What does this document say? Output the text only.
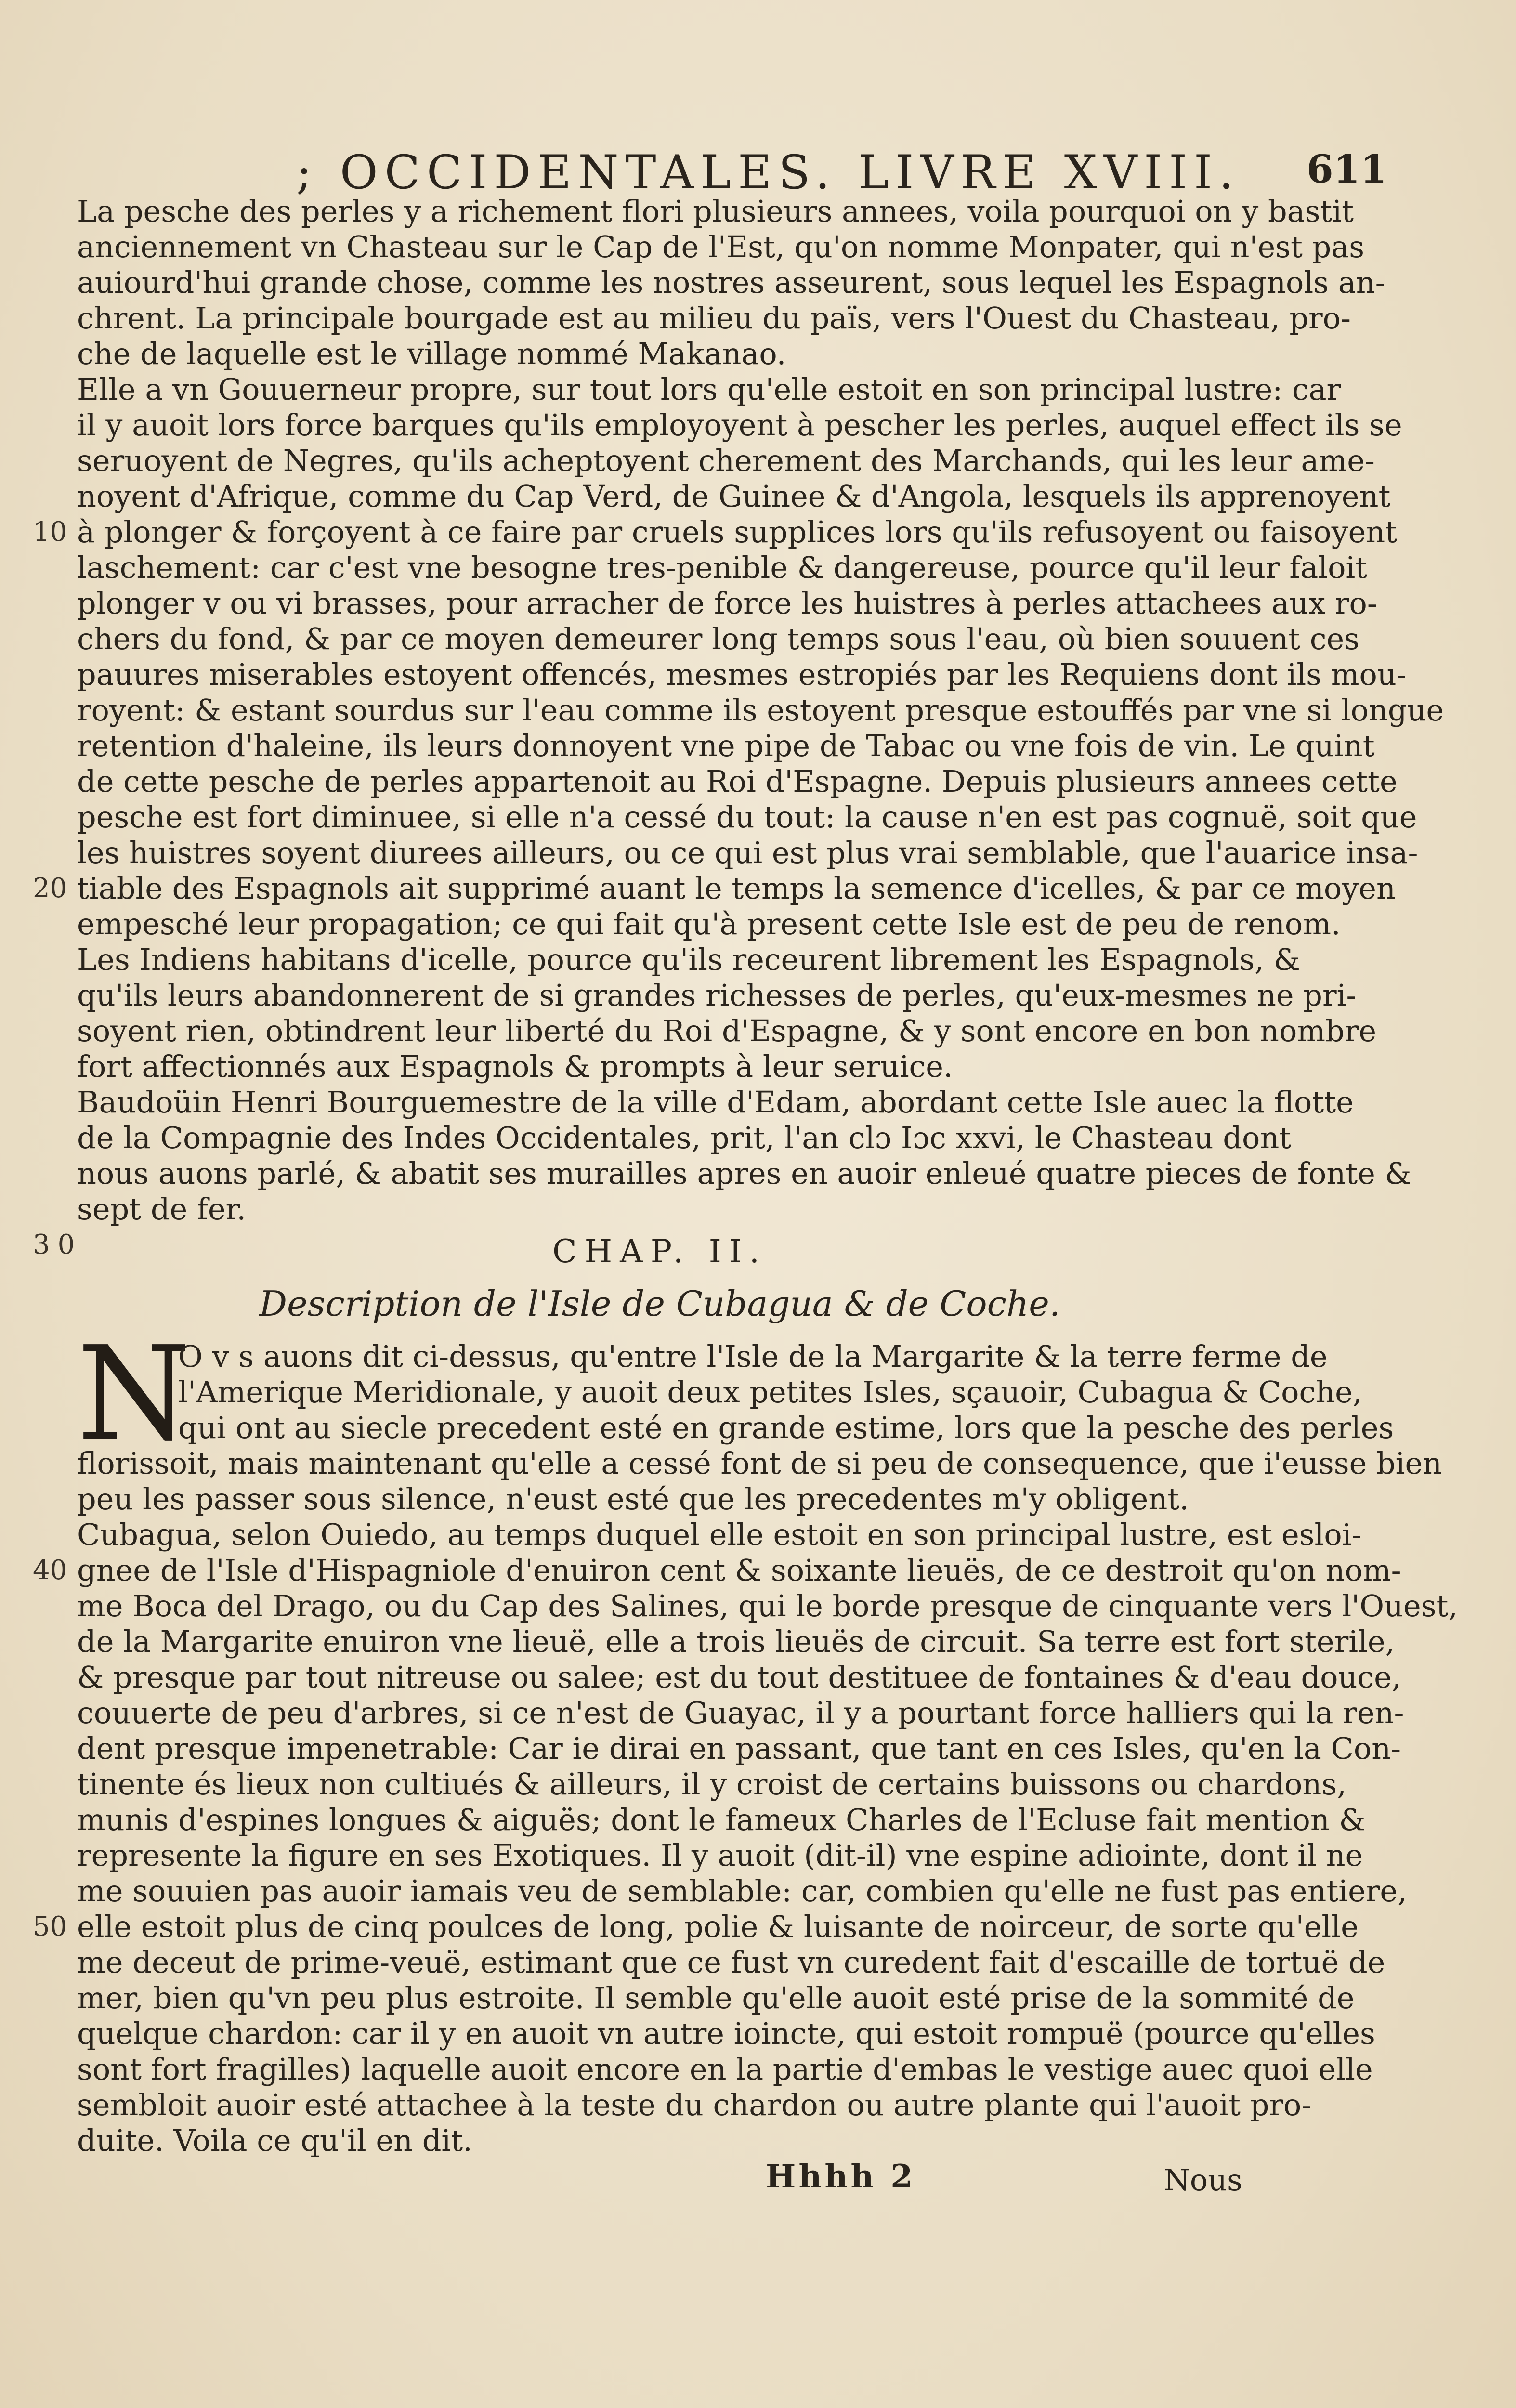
; OCCIDENTALES. LIVRE XVIII. 611
La pesche des perles y a richement flori plusieurs annees, voila pourquoi on y bastit
anciennement vn Chasteau sur le Cap de l'Est, qu'on nomme Monpater, qui n'est pas
auiourd'hui grande chose, comme les nostres asseurent, sous lequel les Espagnols an-
chrent. La principale bourgade est au milieu du païs, vers l'Ouest du Chasteau, pro-
che de laquelle est le village nommé Makanao.
Elle a vn Gouuerneur propre, sur tout lors qu'elle estoit en son principal lustre: car
il y auoit lors force barques qu'ils employoyent à pescher les perles, auquel effect ils se
seruoyent de Negres, qu'ils acheptoyent cherement des Marchands, qui les leur ame-
noyent d'Afrique, comme du Cap Verd, de Guinee & d'Angola, lesquels ils apprenoyent
10 à plonger & forçoyent à ce faire par cruels supplices lors qu'ils refusoyent ou faisoyent
laschement: car c'est vne besogne tres-penible & dangereuse, pource qu'il leur faloit
plonger v ou vi brasses, pour arracher de force les huistres à perles attachees aux ro-
chers du fond, & par ce moyen demeurer long temps sous l'eau, où bien souuent ces
pauures miserables estoyent offencés, mesmes estropiés par les Requiens dont ils mou-
royent: & estant sourdus sur l'eau comme ils estoyent presque estouffés par vne si longue
retention d'haleine, ils leurs donnoyent vne pipe de Tabac ou vne fois de vin. Le quint
de cette pesche de perles appartenoit au Roi d'Espagne. Depuis plusieurs annees cette
pesche est fort diminuee, si elle n'a cessé du tout: la cause n'en est pas cognuë, soit que
les huistres soyent diurees ailleurs, ou ce qui est plus vrai semblable, que l'auarice insa-
20 tiable des Espagnols ait supprimé auant le temps la semence d'icelles, & par ce moyen
empesché leur propagation; ce qui fait qu'à present cette Isle est de peu de renom.
Les Indiens habitans d'icelle, pource qu'ils receurent librement les Espagnols, &
qu'ils leurs abandonnerent de si grandes richesses de perles, qu'eux-mesmes ne pri-
soyent rien, obtindrent leur liberté du Roi d'Espagne, & y sont encore en bon nombre
fort affectionnés aux Espagnols & prompts à leur seruice.
Baudoüin Henri Bourguemestre de la ville d'Edam, abordant cette Isle auec la flotte
de la Compagnie des Indes Occidentales, prit, l'an clɔ Iɔc xxvi, le Chasteau dont
nous auons parlé, & abatit ses murailles apres en auoir enleué quatre pieces de fonte &
sept de fer.
30	CHAP. II.
Description de l'Isle de Cubagua & de Coche.
N
O v s auons dit ci-dessus, qu'entre l'Isle de la Margarite & la terre ferme de
l'Amerique Meridionale, y auoit deux petites Isles, sçauoir, Cubagua & Coche,
qui ont au siecle precedent esté en grande estime, lors que la pesche des perles
florissoit, mais maintenant qu'elle a cessé font de si peu de consequence, que i'eusse bien
peu les passer sous silence, n'eust esté que les precedentes m'y obligent.
Cubagua, selon Ouiedo, au temps duquel elle estoit en son principal lustre, est esloi-
40 gnee de l'Isle d'Hispagniole d'enuiron cent & soixante lieuës, de ce destroit qu'on nom-
me Boca del Drago, ou du Cap des Salines, qui le borde presque de cinquante vers l'Ouest,
de la Margarite enuiron vne lieuë, elle a trois lieuës de circuit. Sa terre est fort sterile,
& presque par tout nitreuse ou salee; est du tout destituee de fontaines & d'eau douce,
couuerte de peu d'arbres, si ce n'est de Guayac, il y a pourtant force halliers qui la ren-
dent presque impenetrable: Car ie dirai en passant, que tant en ces Isles, qu'en la Con-
tinente és lieux non cultiués & ailleurs, il y croist de certains buissons ou chardons,
munis d'espines longues & aiguës; dont le fameux Charles de l'Ecluse fait mention &
represente la figure en ses Exotiques. Il y auoit (dit-il) vne espine adiointe, dont il ne
me souuien pas auoir iamais veu de semblable: car, combien qu'elle ne fust pas entiere,
50 elle estoit plus de cinq poulces de long, polie & luisante de noirceur, de sorte qu'elle
me deceut de prime-veuë, estimant que ce fust vn curedent fait d'escaille de tortuë de
mer, bien qu'vn peu plus estroite. Il semble qu'elle auoit esté prise de la sommité de
quelque chardon: car il y en auoit vn autre ioincte, qui estoit rompuë (pource qu'elles
sont fort fragilles) laquelle auoit encore en la partie d'embas le vestige auec quoi elle
sembloit auoir esté attachee à la teste du chardon ou autre plante qui l'auoit pro-
duite. Voila ce qu'il en dit.
Hhhh 2	Nous
